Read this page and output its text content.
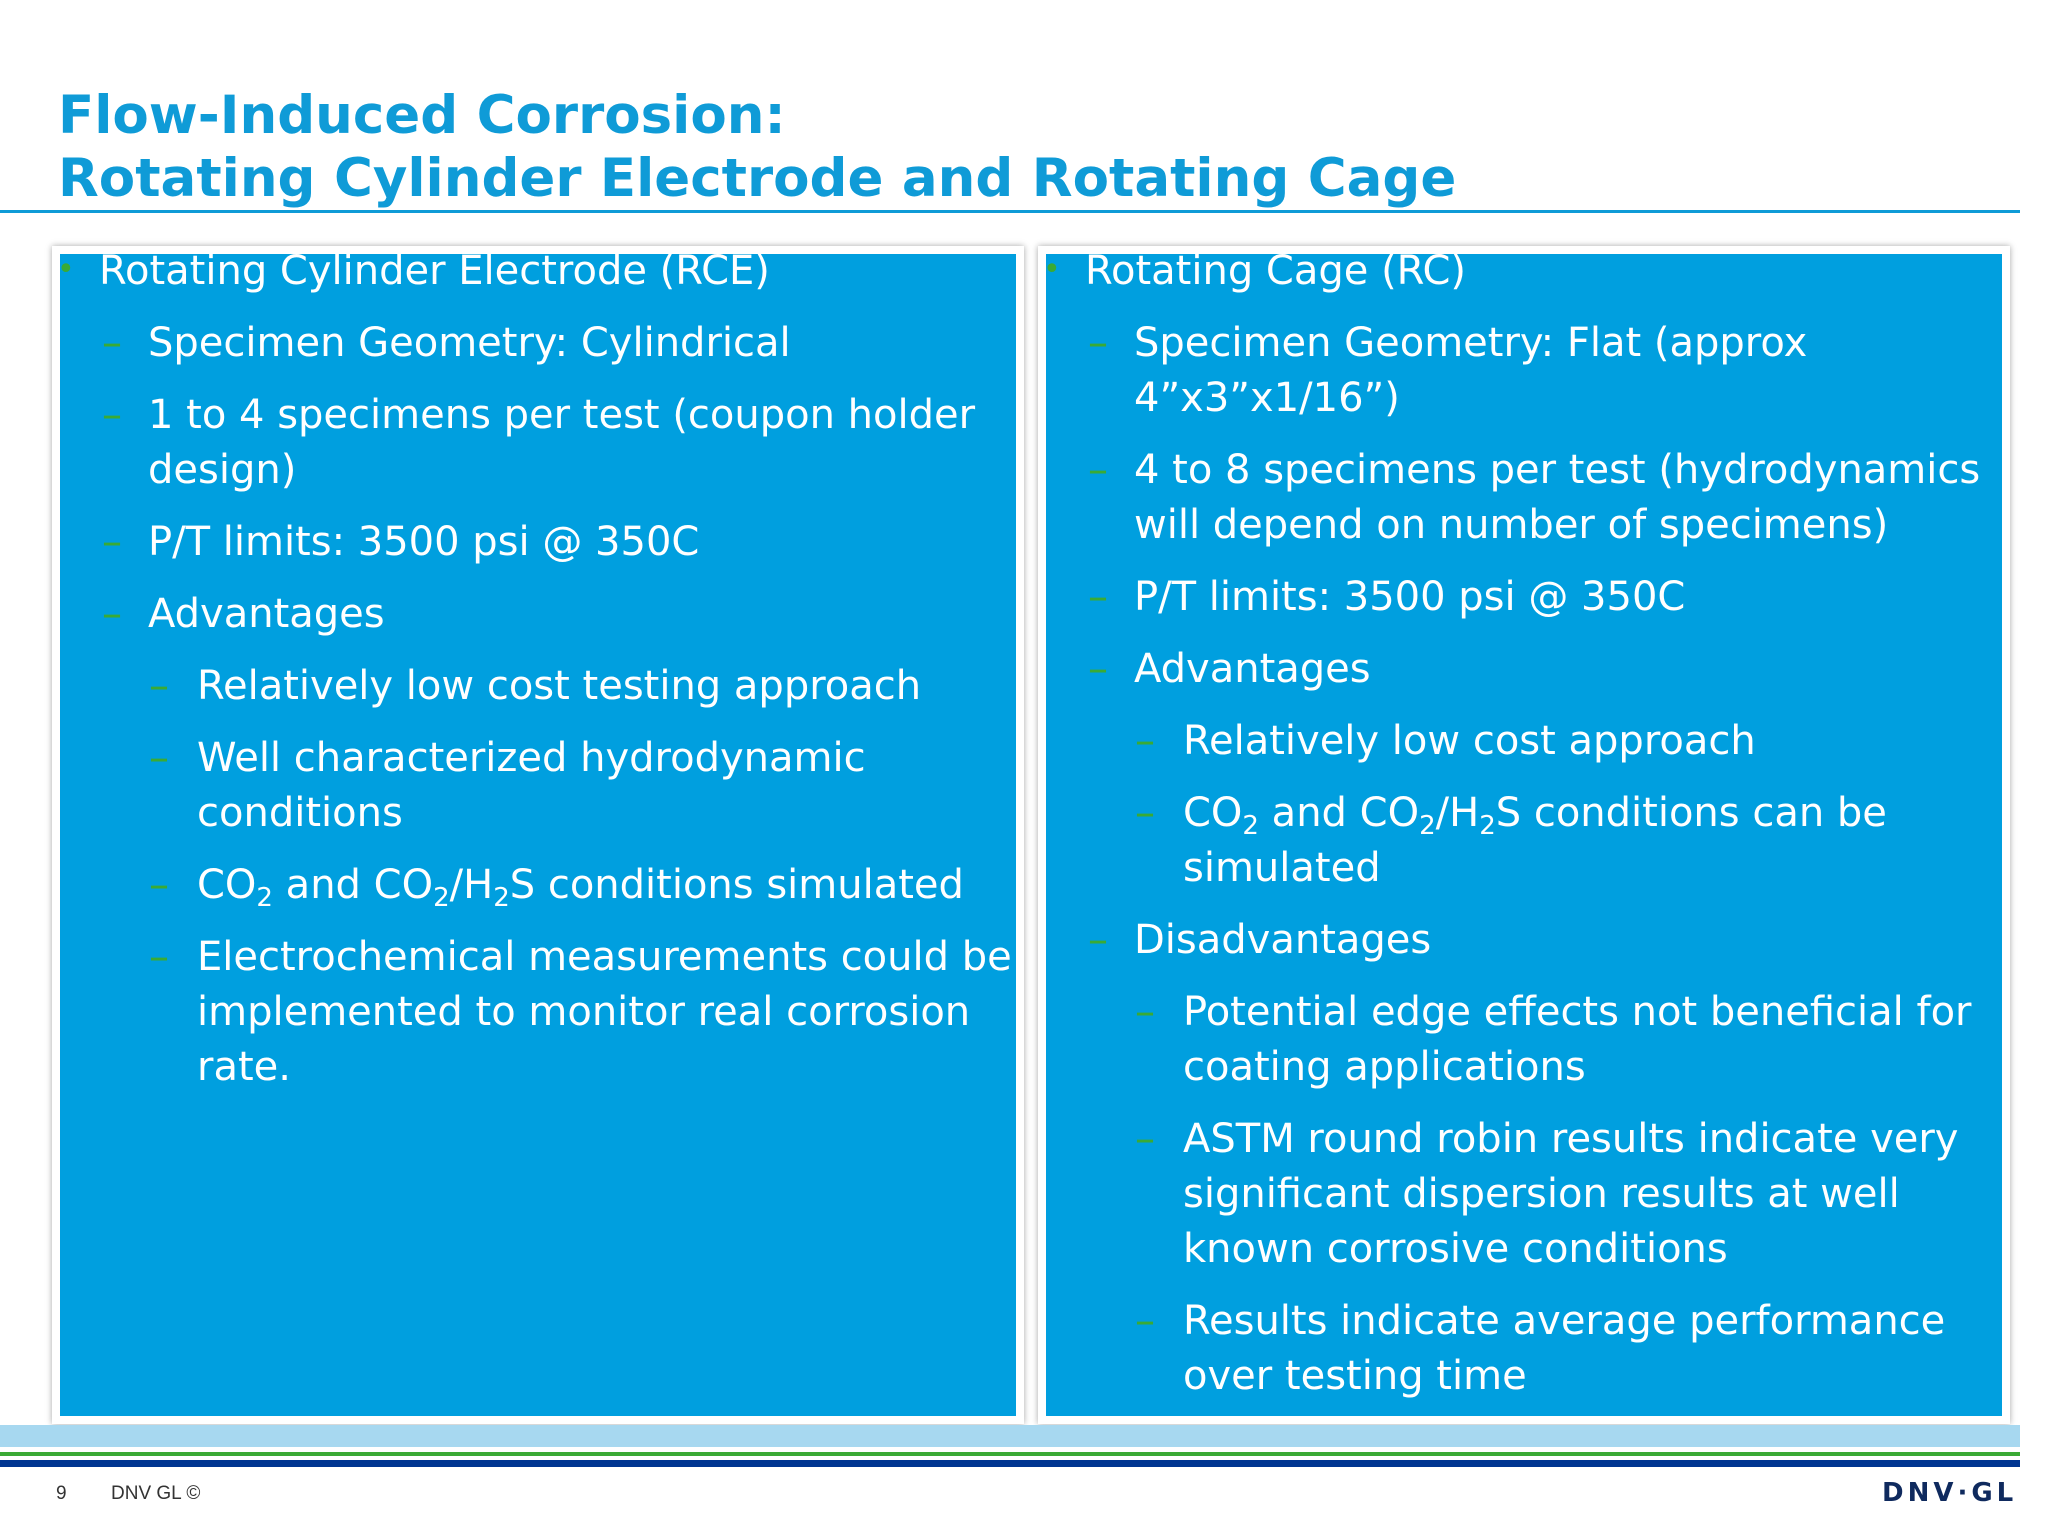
Flow-Induced Corrosion:
Rotating Cylinder Electrode and Rotating Cage
• Rotating Cylinder Electrode (RCE)
– Specimen Geometry: Cylindrical
– 1 to 4 specimens per test (coupon holder design)
– P/T limits: 3500 psi @ 350C
– Advantages
– Relatively low cost testing approach
– Well characterized hydrodynamic conditions
– $CO_2$ and $CO_2/H_2S$ conditions simulated
– Electrochemical measurements could be implemented to monitor real corrosion rate.
• Rotating Cage (RC)
– Specimen Geometry: Flat (approx 4”x3”x1/16”)
– 4 to 8 specimens per test (hydrodynamics will depend on number of specimens)
– P/T limits: 3500 psi @ 350C
– Advantages
– Relatively low cost approach
– $CO_2$ and $CO_2/H_2S$ conditions can be simulated
– Disadvantages
– Potential edge effects not beneficial for coating applications
– ASTM round robin results indicate very significant dispersion results at well known corrosive conditions
– Results indicate average performance over testing time
9 DNV GL ©	DNV·GL
